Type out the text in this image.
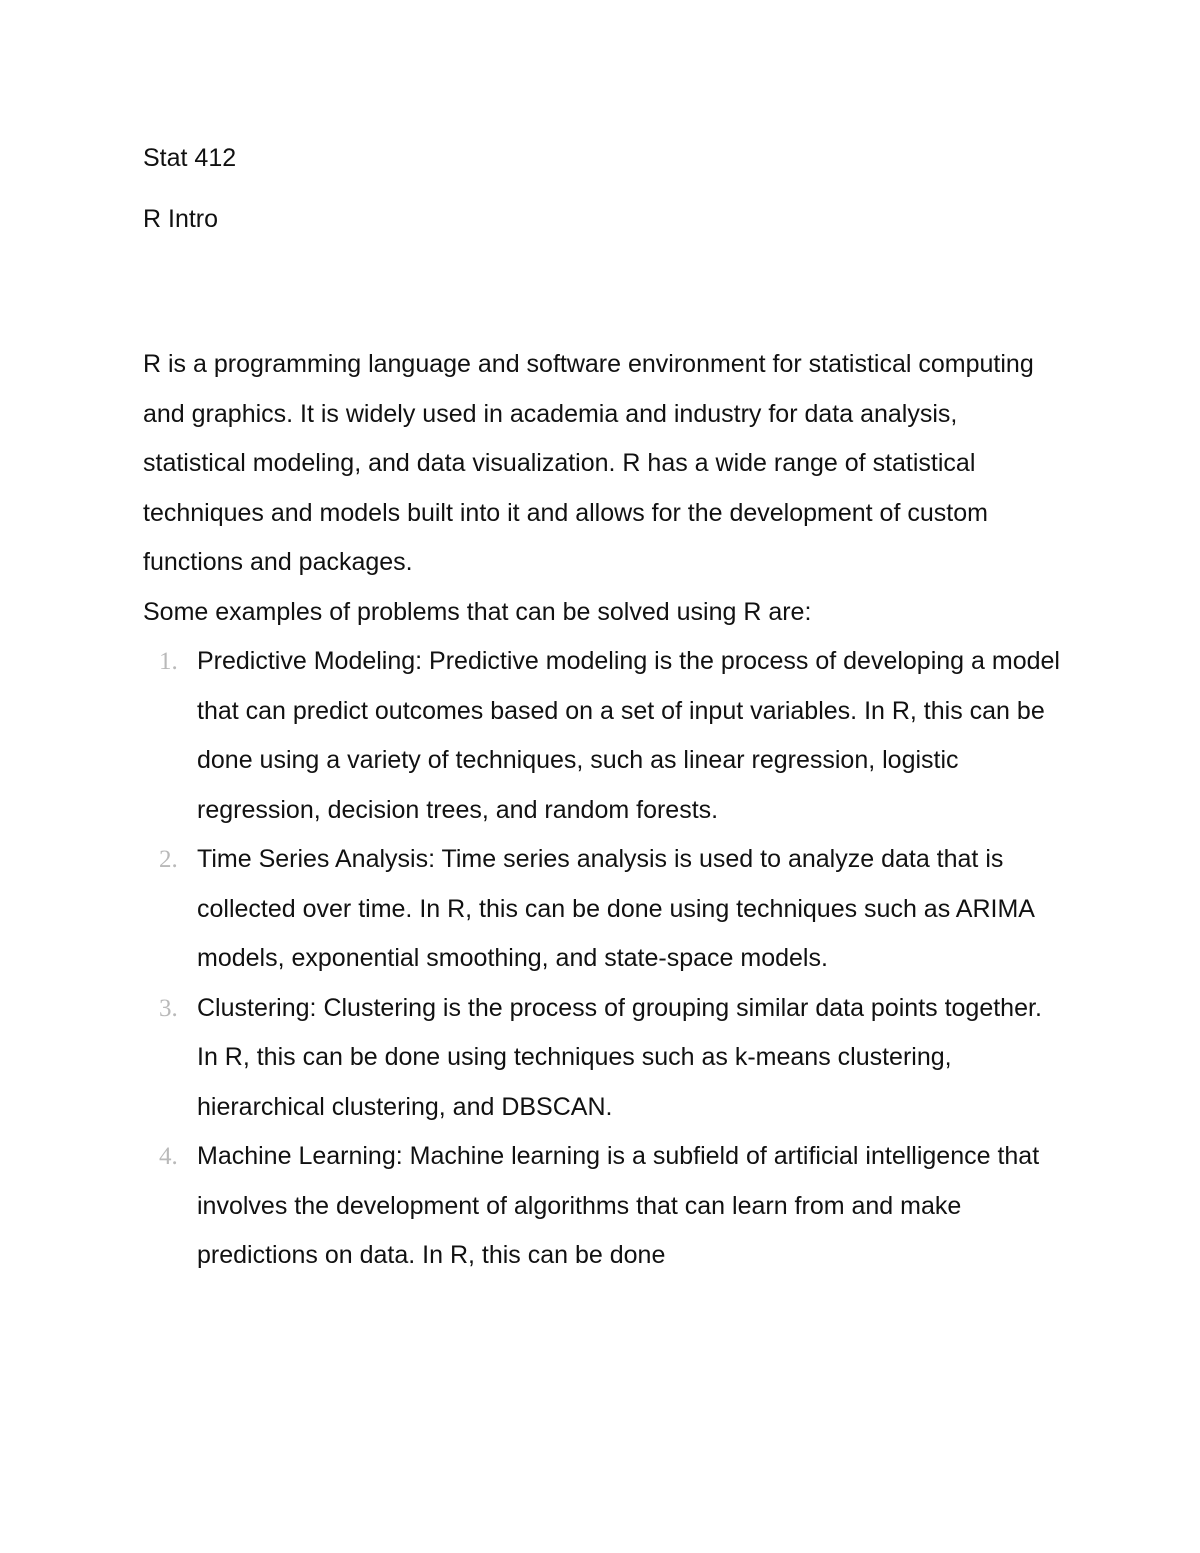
Stat 412

R Intro

R is a programming language and software environment for statistical computing and graphics. It is widely used in academia and industry for data analysis, statistical modeling, and data visualization. R has a wide range of statistical techniques and models built into it and allows for the development of custom functions and packages.

Some examples of problems that can be solved using R are:

1. Predictive Modeling: Predictive modeling is the process of developing a model that can predict outcomes based on a set of input variables. In R, this can be done using a variety of techniques, such as linear regression, logistic regression, decision trees, and random forests.
2. Time Series Analysis: Time series analysis is used to analyze data that is collected over time. In R, this can be done using techniques such as ARIMA models, exponential smoothing, and state-space models.
3. Clustering: Clustering is the process of grouping similar data points together. In R, this can be done using techniques such as k-means clustering, hierarchical clustering, and DBSCAN.
4. Machine Learning: Machine learning is a subfield of artificial intelligence that involves the development of algorithms that can learn from and make predictions on data. In R, this can be done
